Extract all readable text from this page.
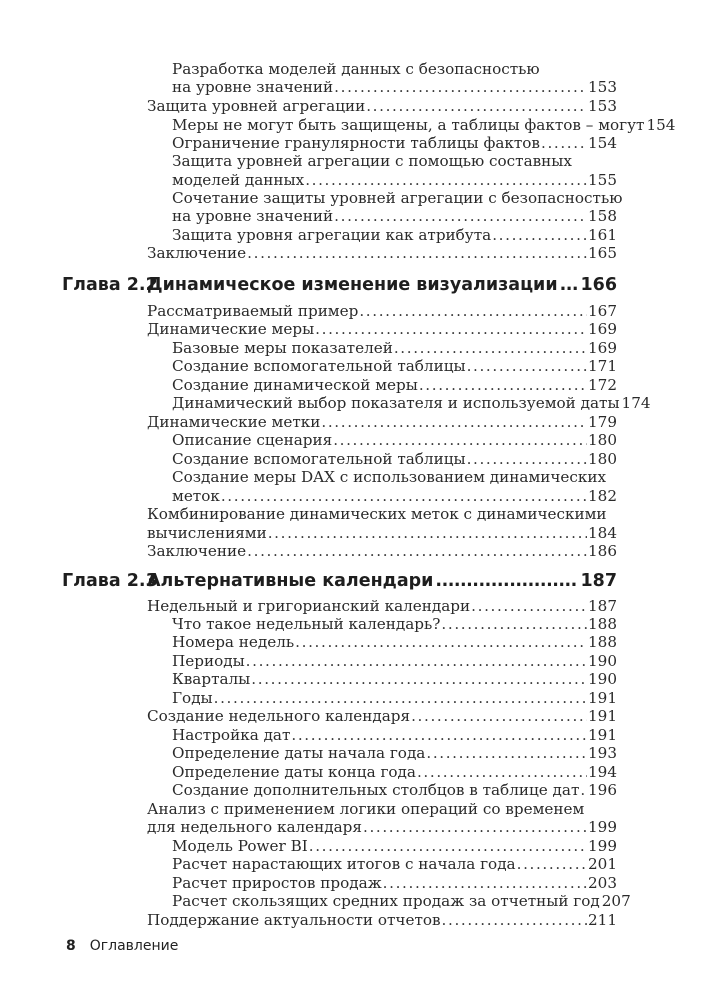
Разработка моделей данных с безопасностью
на уровне значений . . .	153
Защита уровней агрегации . . .	153
Меры не могут быть защищены, а таблицы фактов – могут 154
Ограничение гранулярности таблицы фактов . . .	154
Защита уровней агрегации с помощью составных
моделей данных . . .	155
Сочетание защиты уровней агрегации с безопасностью
на уровне значений . . .	158
Защита уровня агрегации как атрибута . . .	161
Заключение . . .	165
Глава 2.2
Динамическое изменение визуализации ..... 166
Рассматриваемый пример . . .	167
Динамические меры . . .	169
Базовые меры показателей . . .	169
Создание вспомогательной таблицы . . .	171
Создание динамической меры . . .	172
Динамический выбор показателя и используемой даты 174
Динамические метки . . .	179
Описание сценария . . .	180
Создание вспомогательной таблицы . . .	180
Создание меры DAX с использованием динамических
меток . . .	182
Комбинирование динамических меток с динамическими
вычислениями . . .	184
Заключение . . .	186
Глава 2.3
Альтернативные календари .....	187
Недельный и григорианский календари . . .	187
Что такое недельный календарь? . . .	188
Номера недель . . .	188
Периоды . . .	190
Кварталы . . .	190
Годы . . .	191
Создание недельного календаря . . .	191
Настройка дат . . .	191
Определение даты начала года . . .	193
Определение даты конца года . . .	194
Создание дополнительных столбцов в таблице дат . . . 196
Анализ с применением логики операций со временем
для недельного календаря . . .	199
Модель Power BI . . .	199
Расчет нарастающих итогов с начала года . . .	201
Расчет приростов продаж . . .	203
Расчет скользящих средних продаж за отчетный год 207
Поддержание актуальности отчетов . . .	211
8 Оглавление
